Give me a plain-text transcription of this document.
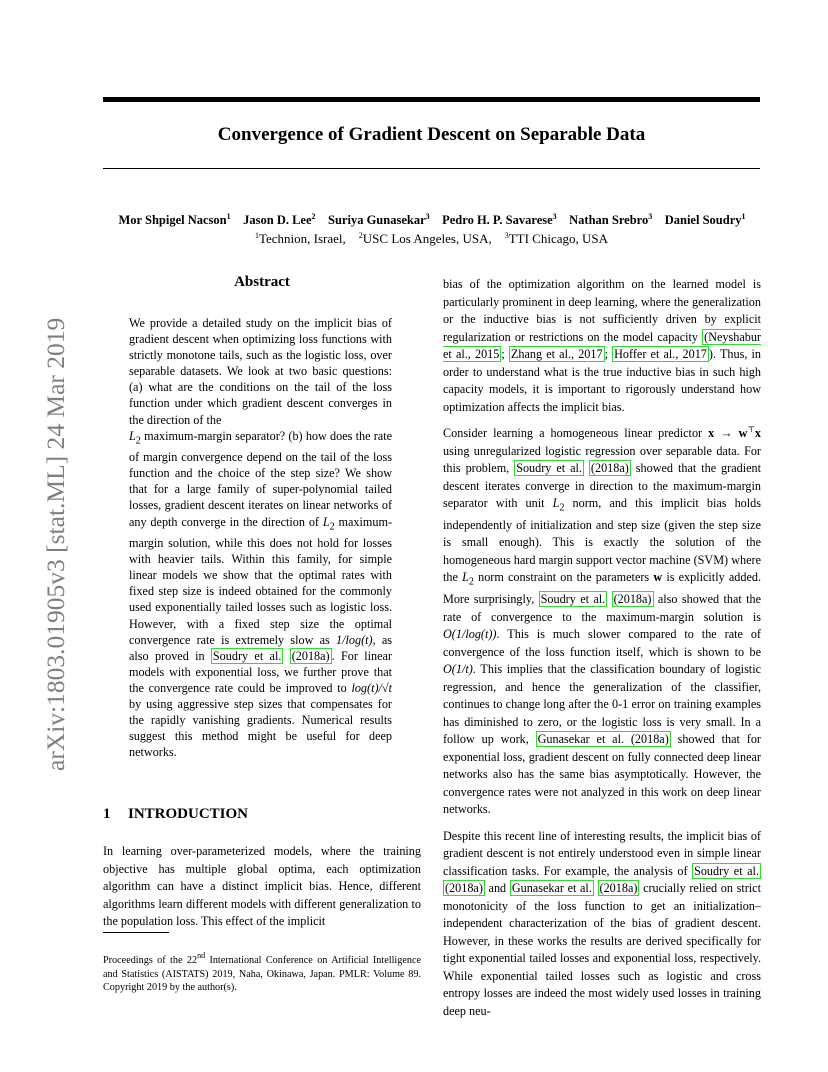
Convergence of Gradient Descent on Separable Data
Mor Shpigel Nacson$^1$ Jason D. Lee$^2$ Suriya Gunasekar$^3$ Pedro H. P. Savarese$^3$ Nathan Srebro$^3$ Daniel Soudry$^1$
$^1$Technion, Israel, $^2$USC Los Angeles, USA, $^3$TTI Chicago, USA
arXiv:1803.01905v3 [stat.ML] 24 Mar 2019
Abstract
We provide a detailed study on the implicit bias of gradient descent when optimizing loss functions with strictly monotone tails, such as the logistic loss, over separable datasets. We look at two basic questions: (a) what are the conditions on the tail of the loss function under which gradient descent converges in the direction of the
$L_2$ maximum-margin separator? (b) how does the rate of margin convergence depend on the tail of the loss function and the choice of the step size? We show that for a large family of super-polynomial tailed losses, gradient descent iterates on linear networks of any depth converge in the direction of $L_2$ maximum-margin solution, while this does not hold for losses with heavier tails. Within this family, for simple linear models we show that the optimal rates with fixed step size is indeed obtained for the commonly used exponentially tailed losses such as logistic loss. However, with a fixed step size the optimal convergence rate is extremely slow as 1/log(t), as also proved in Soudry et al. (2018a) . For linear models with exponential loss, we further prove that the convergence rate could be improved to log(t)/√t by using aggressive step sizes that compensates for the rapidly vanishing gradients. Numerical results suggest this method might be useful for deep networks.
1 INTRODUCTION
In learning over-parameterized models, where the training objective has multiple global optima, each optimization algorithm can have a distinct implicit bias. Hence, different algorithms learn different models with different generalization to the population loss. This effect of the implicit
Proceedings of the 22nd International Conference on Artificial Intelligence and Statistics (AISTATS) 2019, Naha, Okinawa, Japan. PMLR: Volume 89. Copyright 2019 by the author(s).

bias of the optimization algorithm on the learned model is particularly prominent in deep learning, where the generalization or the inductive bias is not sufficiently driven by explicit regularization or restrictions on the model capacity (Neyshabur et al., 2015 ; Zhang et al., 2017 ; Hoffer et al., 2017 ). Thus, in order to understand what is the true inductive bias in such high capacity models, it is important to rigorously understand how optimization affects the implicit bias.

Consider learning a homogeneous linear predictor x → w⊤x using unregularized logistic regression over separable data. For this problem, Soudry et al. (2018a) showed that the gradient descent iterates converge in direction to the maximum-margin separator with unit $L_2$ norm, and this implicit bias holds independently of initialization and step size (given the step size is small enough). This is exactly the solution of the homogeneous hard margin support vector machine (SVM) where the $L_2$ norm constraint on the parameters w is explicitly added. More surprisingly, Soudry et al. (2018a) also showed that the rate of convergence to the maximum-margin solution is O(1/log(t)). This is much slower compared to the rate of convergence of the loss function itself, which is shown to be O(1/t). This implies that the classification boundary of logistic regression, and hence the generalization of the classifier, continues to change long after the 0-1 error on training examples has diminished to zero, or the logistic loss is very small. In a follow up work, Gunasekar et al. (2018a) showed that for exponential loss, gradient descent on fully connected deep linear networks also has the same bias asymptotically. However, the convergence rates were not analyzed in this work on deep linear networks.

Despite this recent line of interesting results, the implicit bias of gradient descent is not entirely understood even in simple linear classification tasks. For example, the analysis of Soudry et al. (2018a) and Gunasekar et al. (2018a) crucially relied on strict monotonicity of the loss function to get an initialization–independent characterization of the bias of gradient descent. However, in these works the results are derived specifically for tight exponential tailed losses and exponential loss, respectively. While exponential tailed losses such as logistic and cross entropy losses are indeed the most widely used losses in training deep neu-
